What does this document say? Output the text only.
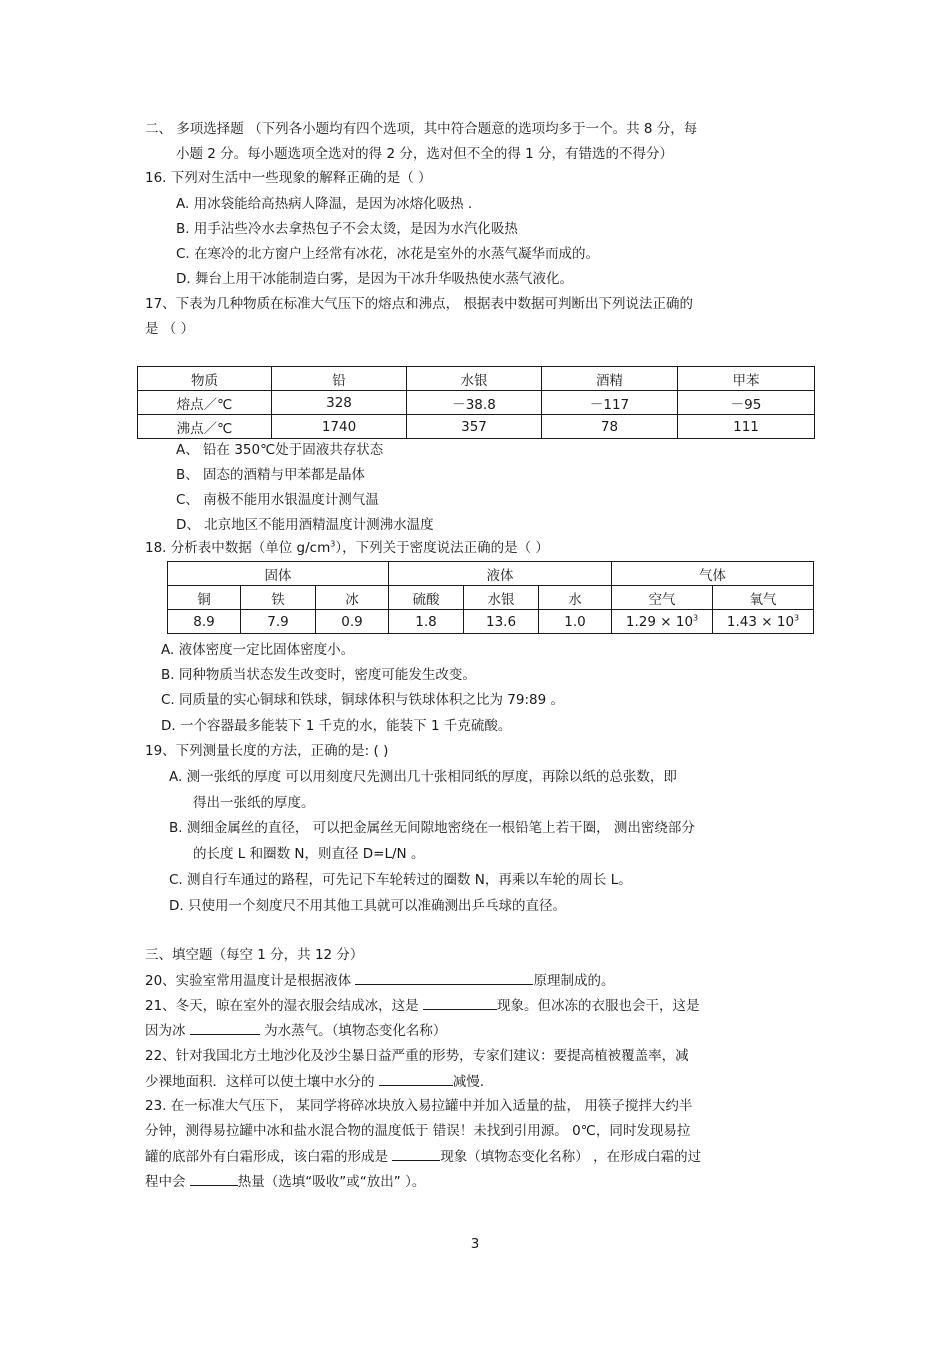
二、 多项选择题 （下列各小题均有四个选项，其中符合题意的选项均多于一个。共 8 分，每
小题 2 分。每小题选项全选对的得 2 分，选对但不全的得 1 分，有错选的不得分）
16. 下列对生活中一些现象的解释正确的是（ ）
A. 用冰袋能给高热病人降温，是因为冰熔化吸热 .
B. 用手沾些冷水去拿热包子不会太烫，是因为水汽化吸热
C. 在寒冷的北方窗户上经常有冰花，冰花是室外的水蒸气凝华而成的。
D. 舞台上用干冰能制造白雾，是因为干冰升华吸热使水蒸气液化。
17、下表为几种物质在标准大气压下的熔点和沸点， 根据表中数据可判断出下列说法正确的
是 （ ）
物质	铅	水银	酒精	甲苯
熔点／℃	328	－38.8	－117	－95
沸点／℃	1740	357	78	111
A、 铅在 350℃处于固液共存状态
B、 固态的酒精与甲苯都是晶体
C、 南极不能用水银温度计测气温
D、 北京地区不能用酒精温度计测沸水温度
18. 分析表中数据（单位 $g/cm^3$），下列关于密度说法正确的是（ ）
固体			液体			气体	
铜	铁	冰	硫酸	水银	水	空气	氧气
8.9	7.9	0.9	1.8	13.6	1.0	$1.29 \times 10^3$	$1.43 \times 10^3$
A. 液体密度一定比固体密度小。
B. 同种物质当状态发生改变时，密度可能发生改变。
C. 同质量的实心铜球和铁球，铜球体积与铁球体积之比为 79:89 。
D. 一个容器最多能装下 1 千克的水，能装下 1 千克硫酸。
19、下列测量长度的方法，正确的是: ( )
A. 测一张纸的厚度 可以用刻度尺先测出几十张相同纸的厚度，再除以纸的总张数，即
得出一张纸的厚度。
B. 测细金属丝的直径， 可以把金属丝无间隙地密绕在一根铅笔上若干圈， 测出密绕部分
的长度 L 和圈数 N，则直径 D=L/N 。
C. 测自行车通过的路程，可先记下车轮转过的圈数 N，再乘以车轮的周长 L。
D. 只使用一个刻度尺不用其他工具就可以准确测出乒乓球的直径。
三、填空题（每空 1 分，共 12 分）
20、实验室常用温度计是根据液体	原理制成的。
21、冬天，晾在室外的湿衣服会结成冰，这是	现象。但冰冻的衣服也会干，这是
因为冰	为水蒸气。（填物态变化名称）
22、针对我国北方土地沙化及沙尘暴日益严重的形势，专家们建议：要提高植被覆盖率，减
少裸地面积．这样可以使土壤中水分的	减慢.
23. 在一标准大气压下， 某同学将碎冰块放入易拉罐中并加入适量的盐， 用筷子搅拌大约半
分钟，测得易拉罐中冰和盐水混合物的温度低于 错误！未找到引用源。 0℃，同时发现易拉
罐的底部外有白霜形成，该白霜的形成是	现象（填物态变化名称） ，在形成白霜的过
程中会	热量（选填“吸收”或“放出” ）。
3
